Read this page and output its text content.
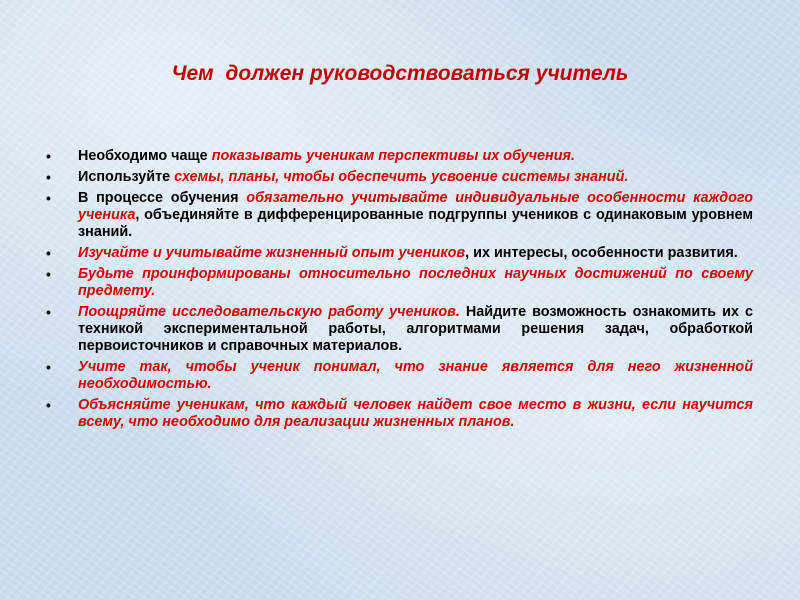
Чем  должен руководствоваться учитель
• Необходимо чаще показывать ученикам перспективы их обучения.
• Используйте схемы, планы, чтобы обеспечить усвоение системы знаний.
• В процессе обучения обязательно учитывайте индивидуальные особенности каждого ученика, объединяйте в дифференцированные подгруппы учеников с одинаковым уровнем знаний.
• Изучайте и учитывайте жизненный опыт учеников, их интересы, особенности развития.
• Будьте проинформированы относительно последних научных достижений по своему предмету.
• Поощряйте исследовательскую работу учеников. Найдите возможность ознакомить их с техникой экспериментальной работы, алгоритмами решения задач, обработкой первоисточников и справочных материалов.
• Учите так, чтобы ученик понимал, что знание является для него жизненной необходимостью.
• Объясняйте ученикам, что каждый человек найдет свое место в жизни, если научится всему, что необходимо для реализации жизненных планов.
